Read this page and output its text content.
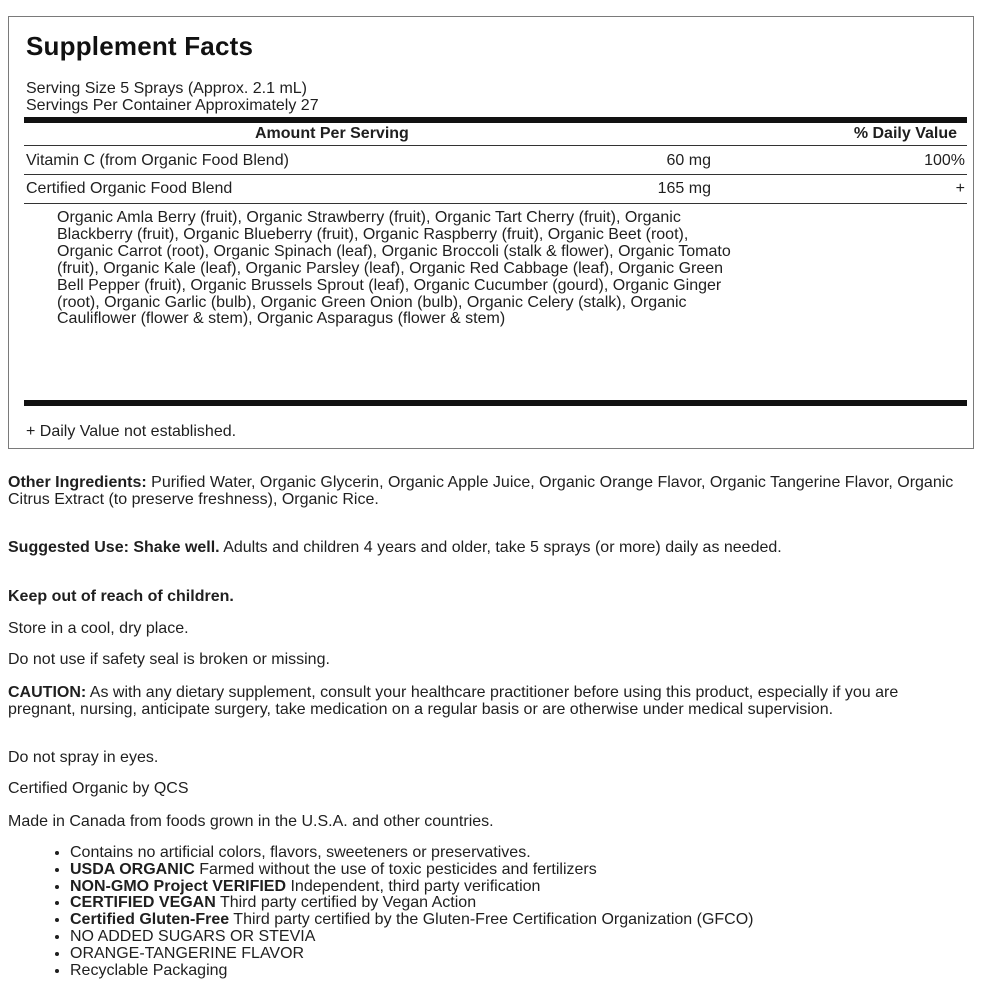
Supplement Facts
Serving Size 5 Sprays (Approx. 2.1 mL)
Servings Per Container Approximately 27
Amount Per Serving	% Daily Value
Vitamin C (from Organic Food Blend)	60 mg	100%
Certified Organic Food Blend	165 mg	+
Organic Amla Berry (fruit), Organic Strawberry (fruit), Organic Tart Cherry (fruit), Organic Blackberry (fruit), Organic Blueberry (fruit), Organic Raspberry (fruit), Organic Beet (root), Organic Carrot (root), Organic Spinach (leaf), Organic Broccoli (stalk & flower), Organic Tomato (fruit), Organic Kale (leaf), Organic Parsley (leaf), Organic Red Cabbage (leaf), Organic Green Bell Pepper (fruit), Organic Brussels Sprout (leaf), Organic Cucumber (gourd), Organic Ginger (root), Organic Garlic (bulb), Organic Green Onion (bulb), Organic Celery (stalk), Organic Cauliflower (flower & stem), Organic Asparagus (flower & stem)
+ Daily Value not established.
Other Ingredients: Purified Water, Organic Glycerin, Organic Apple Juice, Organic Orange Flavor, Organic Tangerine Flavor, Organic Citrus Extract (to preserve freshness), Organic Rice.
Suggested Use: Shake well. Adults and children 4 years and older, take 5 sprays (or more) daily as needed.
Keep out of reach of children.
Store in a cool, dry place.
Do not use if safety seal is broken or missing.
CAUTION: As with any dietary supplement, consult your healthcare practitioner before using this product, especially if you are pregnant, nursing, anticipate surgery, take medication on a regular basis or are otherwise under medical supervision.
Do not spray in eyes.
Certified Organic by QCS
Made in Canada from foods grown in the U.S.A. and other countries.
• Contains no artificial colors, flavors, sweeteners or preservatives.
• USDA ORGANIC Farmed without the use of toxic pesticides and fertilizers
• NON-GMO Project VERIFIED Independent, third party verification
• CERTIFIED VEGAN Third party certified by Vegan Action
• Certified Gluten-Free Third party certified by the Gluten-Free Certification Organization (GFCO)
• NO ADDED SUGARS OR STEVIA
• ORANGE-TANGERINE FLAVOR
• Recyclable Packaging
